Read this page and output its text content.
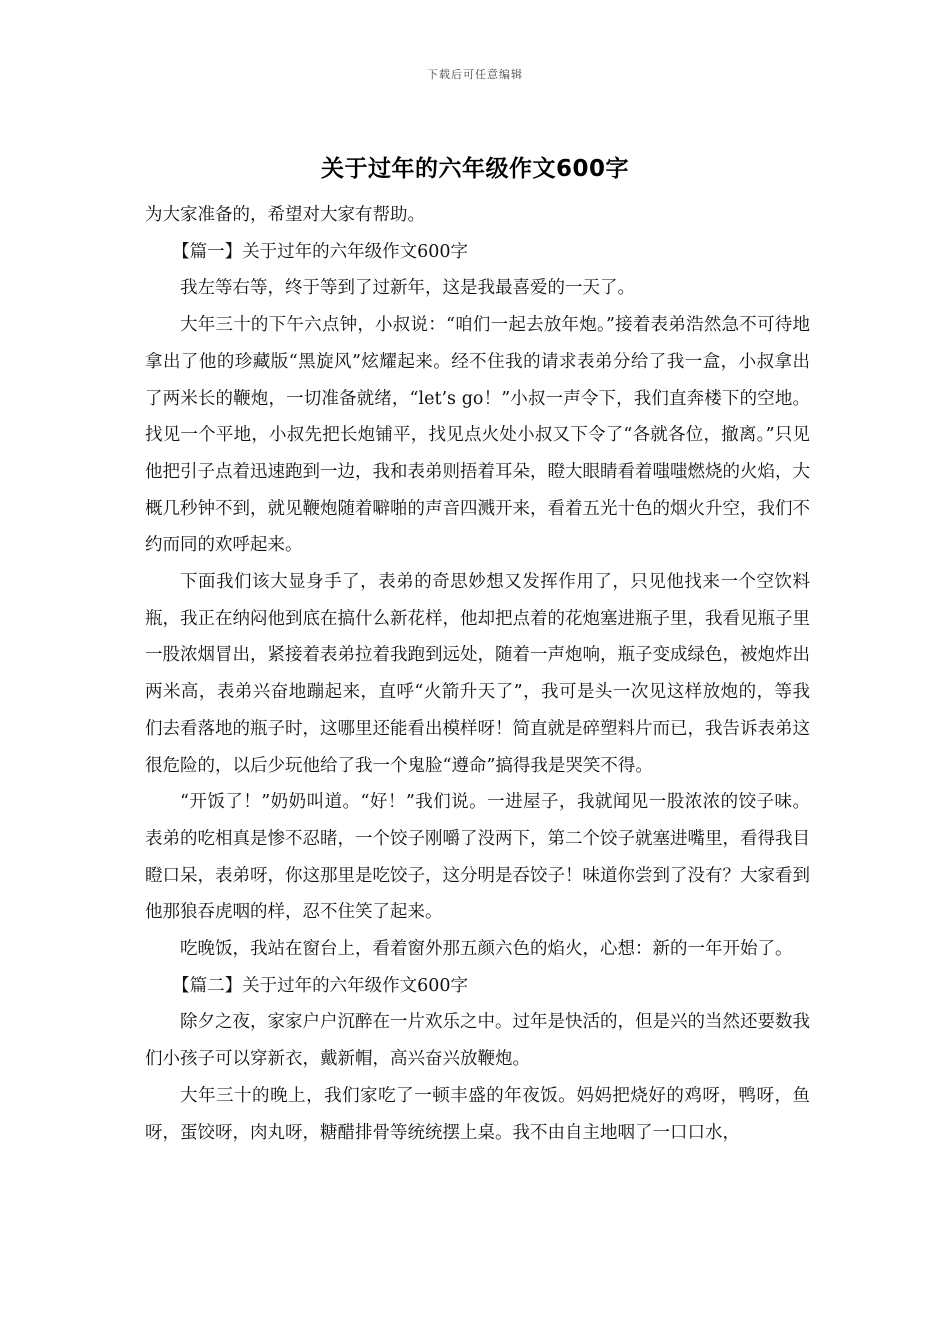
下载后可任意编辑
关于过年的六年级作文600字

为大家准备的，希望对大家有帮助。

【篇一】关于过年的六年级作文600字

我左等右等，终于等到了过新年，这是我最喜爱的一天了。

大年三十的下午六点钟，小叔说：“咱们一起去放年炮。”接着表弟浩然急不可待地拿出了他的珍藏版“黑旋风”炫耀起来。经不住我的请求表弟分给了我一盒，小叔拿出了两米长的鞭炮，一切准备就绪，“let’s go！”小叔一声令下，我们直奔楼下的空地。找见一个平地，小叔先把长炮铺平，找见点火处小叔又下令了“各就各位，撤离。”只见他把引子点着迅速跑到一边，我和表弟则捂着耳朵，瞪大眼睛看着嗤嗤燃烧的火焰，大概几秒钟不到，就见鞭炮随着噼啪的声音四溅开来，看着五光十色的烟火升空，我们不约而同的欢呼起来。

下面我们该大显身手了，表弟的奇思妙想又发挥作用了，只见他找来一个空饮料瓶，我正在纳闷他到底在搞什么新花样，他却把点着的花炮塞进瓶子里，我看见瓶子里一股浓烟冒出，紧接着表弟拉着我跑到远处，随着一声炮响，瓶子变成绿色，被炮炸出两米高，表弟兴奋地蹦起来，直呼“火箭升天了”，我可是头一次见这样放炮的，等我们去看落地的瓶子时，这哪里还能看出模样呀！简直就是碎塑料片而已，我告诉表弟这很危险的，以后少玩他给了我一个鬼脸“遵命”搞得我是哭笑不得。

“开饭了！”奶奶叫道。“好！”我们说。一进屋子，我就闻见一股浓浓的饺子味。表弟的吃相真是惨不忍睹，一个饺子刚嚼了没两下，第二个饺子就塞进嘴里，看得我目瞪口呆，表弟呀，你这那里是吃饺子，这分明是吞饺子！味道你尝到了没有？大家看到他那狼吞虎咽的样，忍不住笑了起来。

吃晚饭，我站在窗台上，看着窗外那五颜六色的焰火，心想：新的一年开始了。

【篇二】关于过年的六年级作文600字

除夕之夜，家家户户沉醉在一片欢乐之中。过年是快活的，但是兴的当然还要数我们小孩子可以穿新衣，戴新帽，高兴奋兴放鞭炮。

大年三十的晚上，我们家吃了一顿丰盛的年夜饭。妈妈把烧好的鸡呀，鸭呀，鱼呀，蛋饺呀，肉丸呀，糖醋排骨等统统摆上桌。我不由自主地咽了一口口水，
